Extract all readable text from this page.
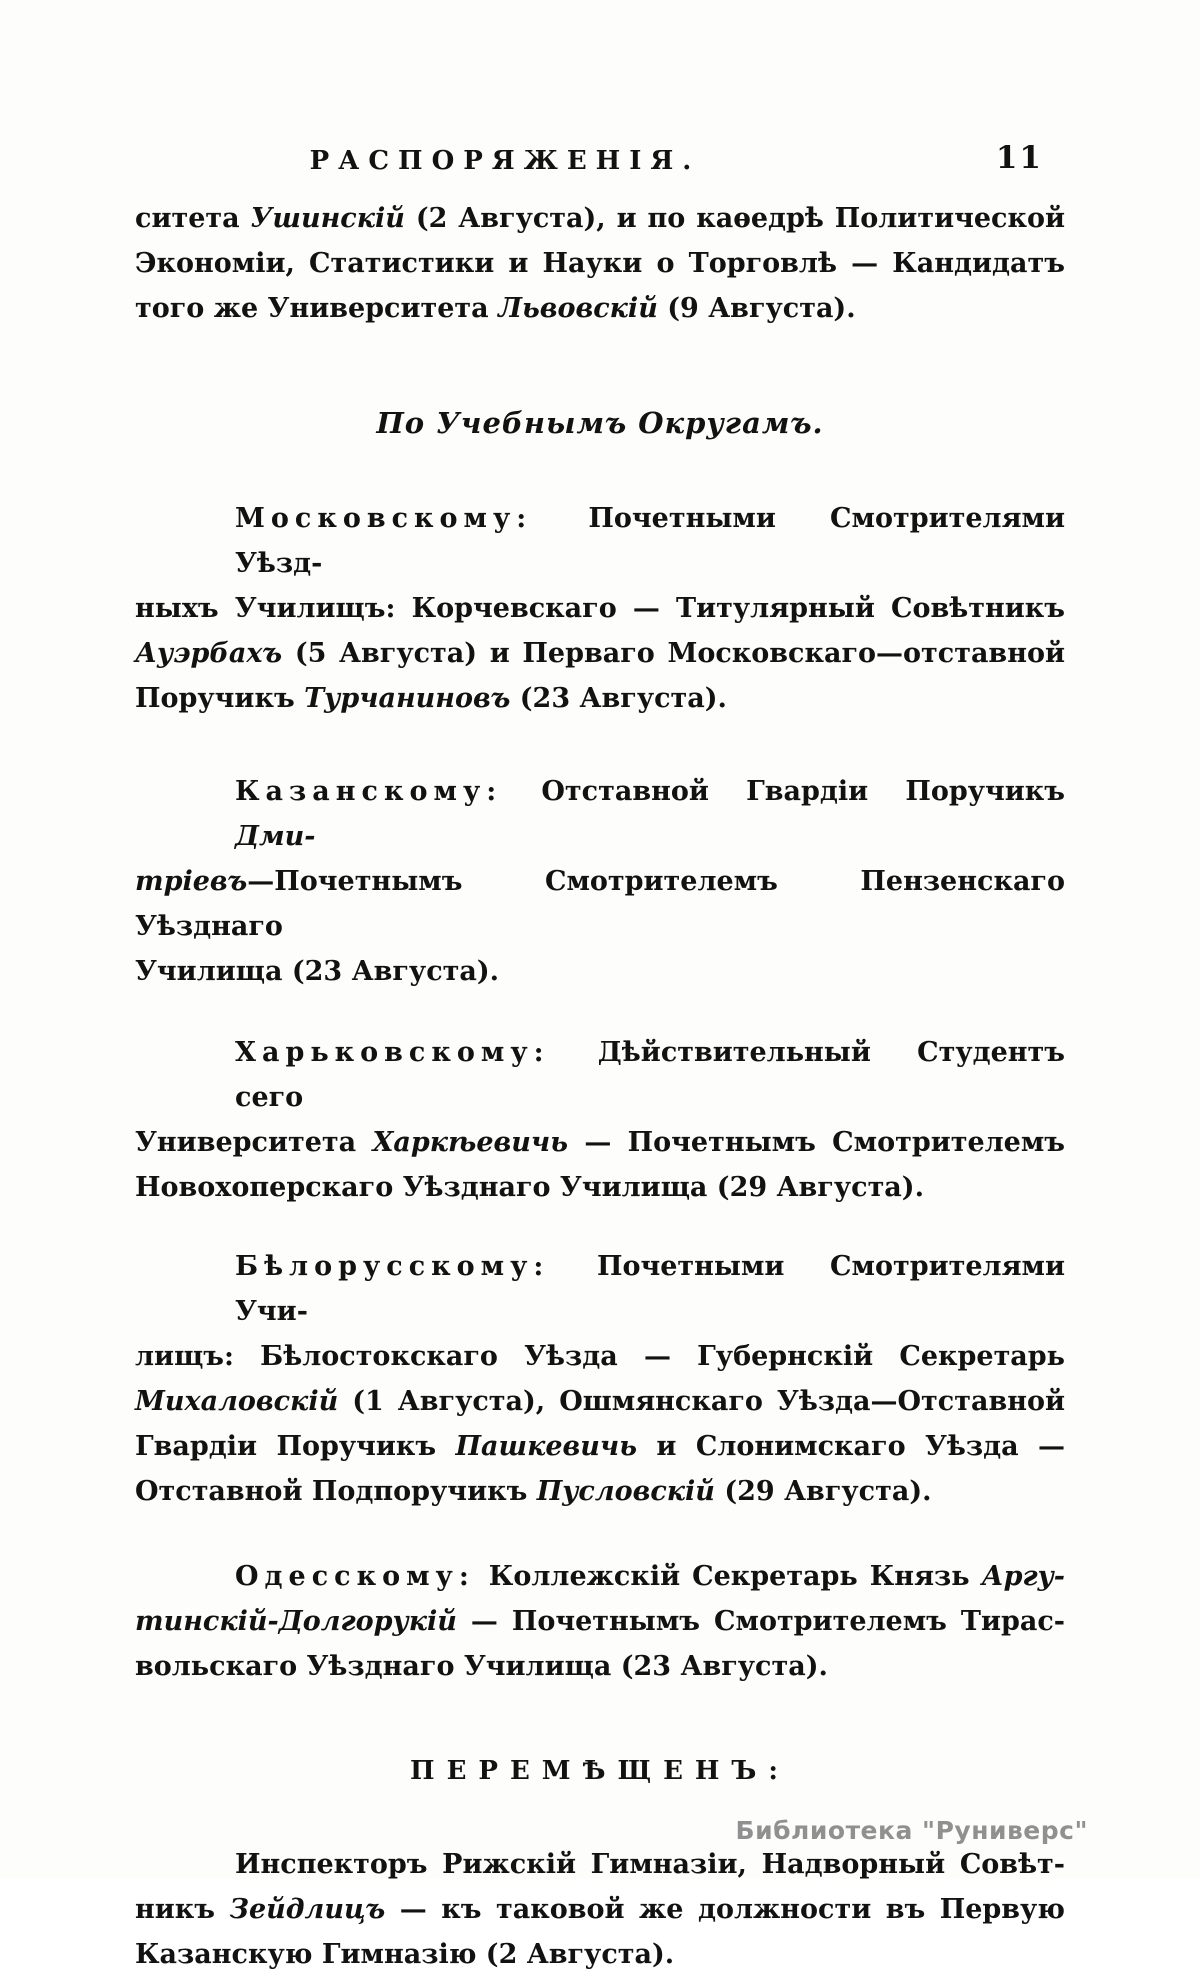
РАСПОРЯЖЕНІЯ.	11
ситета Ушинскій (2 Августа), и по каѳедрѣ Политической
Экономіи, Статистики и Науки о Торговлѣ — Кандидатъ
того же Университета Львовскій (9 Августа).
По Учебнымъ Округамъ.
Московскому: Почетными Смотрителями Уѣзд-
ныхъ Училищъ: Корчевскаго — Титулярный Совѣтникъ
Ауэрбахъ (5 Августа) и Перваго Московскаго—отставной
Поручикъ Турчаниновъ (23 Августа).
Казанскому: Отставной Гвардіи Поручикъ Дми-
тріевъ—Почетнымъ Смотрителемъ Пензенскаго Уѣзднаго
Училища (23 Августа).
Харьковскому: Дѣйствительный Студентъ сего
Университета Харкѣевичь — Почетнымъ Смотрителемъ
Новохоперскаго Уѣзднаго Училища (29 Августа).
Бѣлорусскому: Почетными Смотрителями Учи-
лищъ: Бѣлостокскаго Уѣзда — Губернскій Секретарь
Михаловскій (1 Августа), Ошмянскаго Уѣзда—Отставной
Гвардіи Поручикъ Пашкевичь и Слонимскаго Уѣзда —
Отставной Подпоручикъ Пусловскій (29 Августа).
Одесскому: Коллежскій Секретарь Князь Аргу-
тинскій-Долгорукій — Почетнымъ Смотрителемъ Тирас-
вольскаго Уѣзднаго Училища (23 Августа).
ПЕРЕМѢЩЕНЪ:
Инспекторъ Рижскій Гимназіи, Надворный Совѣт-
никъ Зейдлицъ — къ таковой же должности въ Первую
Казанскую Гимназію (2 Августа).
Библиотека "Руниверс"
